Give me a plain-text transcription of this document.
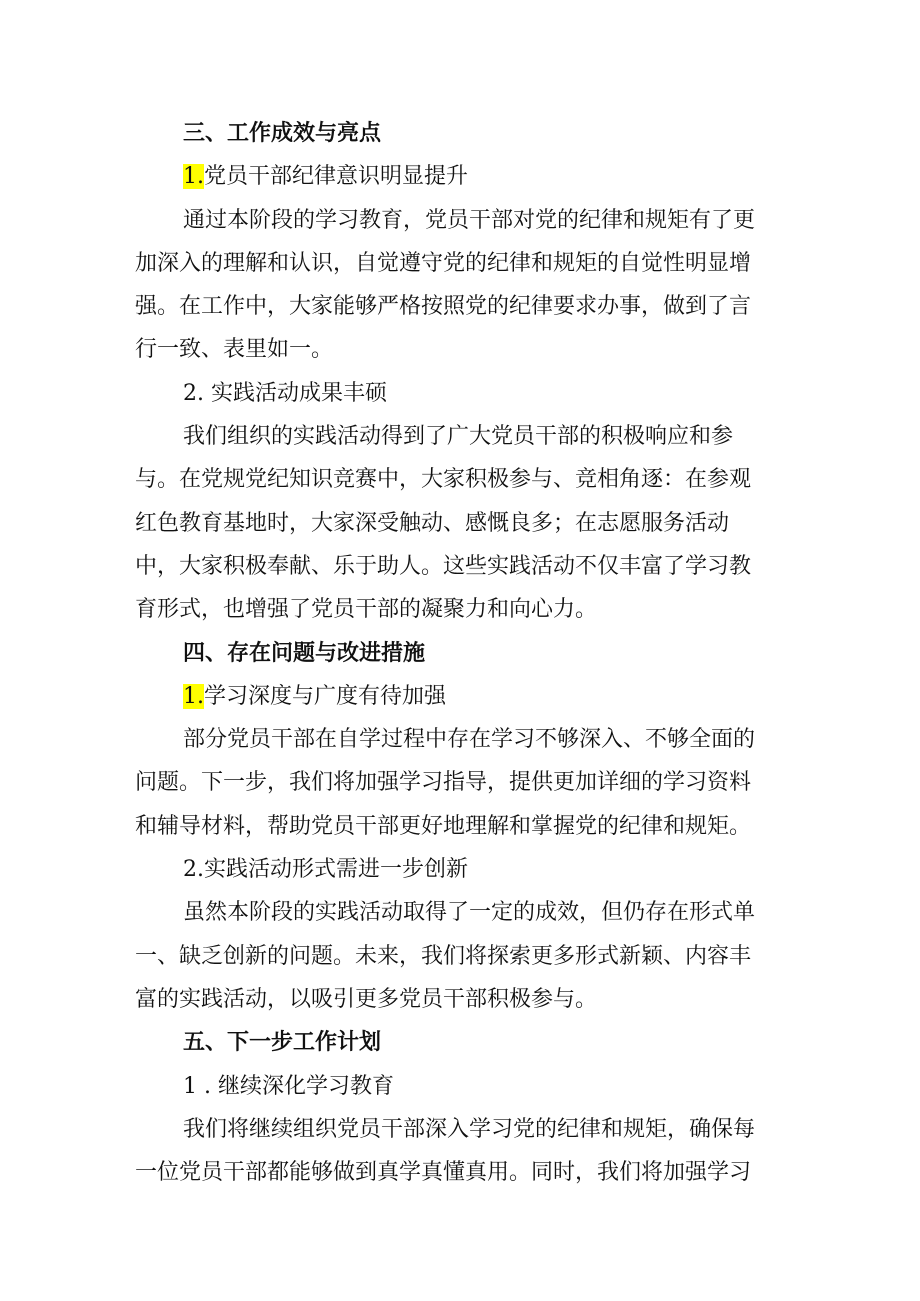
三、工作成效与亮点

1.党员干部纪律意识明显提升

通过本阶段的学习教育，党员干部对党的纪律和规矩有了更

加深入的理解和认识，自觉遵守党的纪律和规矩的自觉性明显增

强。在工作中，大家能够严格按照党的纪律要求办事，做到了言

行一致、表里如一。

2. 实践活动成果丰硕

我们组织的实践活动得到了广大党员干部的积极响应和参

与。在党规党纪知识竞赛中，大家积极参与、竞相角逐：在参观

红色教育基地时，大家深受触动、感慨良多；在志愿服务活动

中，大家积极奉献、乐于助人。这些实践活动不仅丰富了学习教

育形式，也增强了党员干部的凝聚力和向心力。

四、存在问题与改进措施

1.学习深度与广度有待加强

部分党员干部在自学过程中存在学习不够深入、不够全面的

问题。下一步，我们将加强学习指导，提供更加详细的学习资料

和辅导材料，帮助党员干部更好地理解和掌握党的纪律和规矩。

2.实践活动形式需进一步创新

虽然本阶段的实践活动取得了一定的成效，但仍存在形式单

一、缺乏创新的问题。未来，我们将探索更多形式新颖、内容丰

富的实践活动，以吸引更多党员干部积极参与。

五、下一步工作计划

1 . 继续深化学习教育

我们将继续组织党员干部深入学习党的纪律和规矩，确保每

一位党员干部都能够做到真学真懂真用。同时，我们将加强学习
